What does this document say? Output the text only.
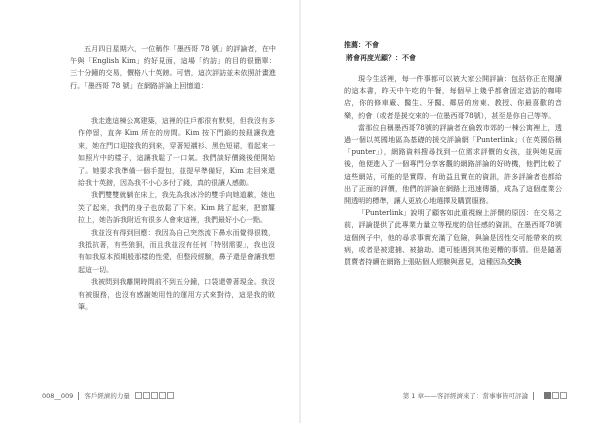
五月四日星期六，一位稱作「墨西哥 78 號」的評論者，在中午與「English Kim」約好見面，這場「約訪」的目的很簡單：三十分鐘的交易，價格八十英鎊。可惜，這次評訪並未依照計畫進行。「墨西哥 78 號」在網路評論上回憶道：

我走進這棟公寓建築，這裡的住戶都很有默契，但我沒有多作停留，直奔 Kim 所在的房間。Kim 按下門鎖的按鈕讓我進來，她在門口迎接我的到來，穿著短襯衫、黑色短裙，看起來一如照片中的樣子，這讓我鬆了一口氣。我們談好價錢後便開始了。她要求我準備一個手提包，並提早準備好，Kim 走回來還給我十英鎊，因為我不小心多付了錢，真的很讓人感動。

我們雙雙就躺在床上，我先為我冰冷的雙手向她道歉，她也笑了起來，我們的身子也放鬆了下來。Kim 跳了起來，把窗簾拉上，她告訴我附近有很多人會來這裡，我們最好小心一點。

我並沒有得到回應：我因為自己突然流下鼻水而覺得很糗，我抵抗著，有些狼狽，而且我並沒有任何「特別需要」，我也沒有如我原本預期般那樣的性愛，但整段經驗，鼻子還是會讓我想起這一切。

我被問到我離開時間前不到五分鐘，口袋還帶著現金。我沒有被服務，也沒有感謝她用性的運用方式來對待，這是我的敗筆。

008__009 客戶經濟的力量

推薦：不會

將會再度光顧？：不會

現今生活裡，每一件事都可以被大家公開評論：包括你正在閱讀的這本書，昨天中午吃的午餐，每個早上幾乎都會固定造訪的咖啡店，你的修車廠、醫生、牙醫、鄰居的房東、教授、你最喜歡的音樂，約會（或者是援交來的一位墨西哥78號），甚至是你自己等等。

當那位自稱墨西哥78號的評論者在倫敦市郊的一棟公寓裡上，透過一個以英國地區為基礎的援交評論網「Punterlink」（在英國俗稱「punter」），網路資料搜尋找到一位需求評價的女孩，並與她見面後，他便進入了一個專門分享客觀的網路評論的好時機，他們比較了這些網站，可能的是實際、有助益且實在的資訊，許多評論者也都給出了正面的評價，他們的評論在網路上迅速傳播，成為了這個產業公開透明的標準，讓人更放心地選擇及購買服務。

「Punterlink」說明了顧客如此重視線上評價的原因：在交易之前，評論提供了此專業力量立等程度的信任感的資訊，在墨西哥78號這個例子中，他的尋求事實充滿了危險，與論是因性交可能帶來的疾病，或者是被逮捕、被搶劫、還可能遇到其他更糟的事情。但是隨著買賣者持續在網路上張貼個人經驗與意見，這種因為交換

第 1 章——客評經濟來了：當事事皆可評論
